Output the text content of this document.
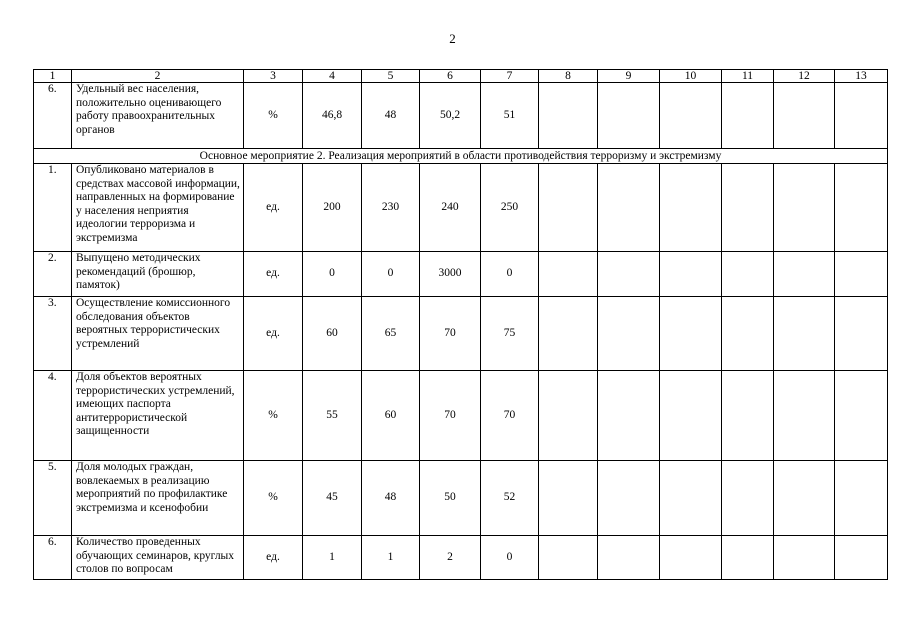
2
1	2	3	4	5	6	7	8	9	10	11	12	13
6.	Удельный вес населения, положительно оценивающего работу правоохранительных органов	%	46,8	48	50,2	51						
Основное мероприятие 2. Реализация мероприятий в области противодействия терроризму и экстремизму												
1.	Опубликовано материалов в средствах массовой информации, направленных на формирование у населения неприятия идеологии терроризма и экстремизма	ед.	200	230	240	250						
2.	Выпущено методических рекомендаций (брошюр, памяток)	ед.	0	0	3000	0						
3.	Осуществление комиссионного обследования объектов вероятных террористических устремлений	ед.	60	65	70	75						
4.	Доля объектов вероятных террористических устремлений, имеющих паспорта антитеррористической защищенности	%	55	60	70	70						
5.	Доля молодых граждан, вовлекаемых в реализацию мероприятий по профилактике экстремизма и ксенофобии	%	45	48	50	52						
6.	Количество проведенных обучающих семинаров, круглых столов по вопросам	ед.	1	1	2	0						
